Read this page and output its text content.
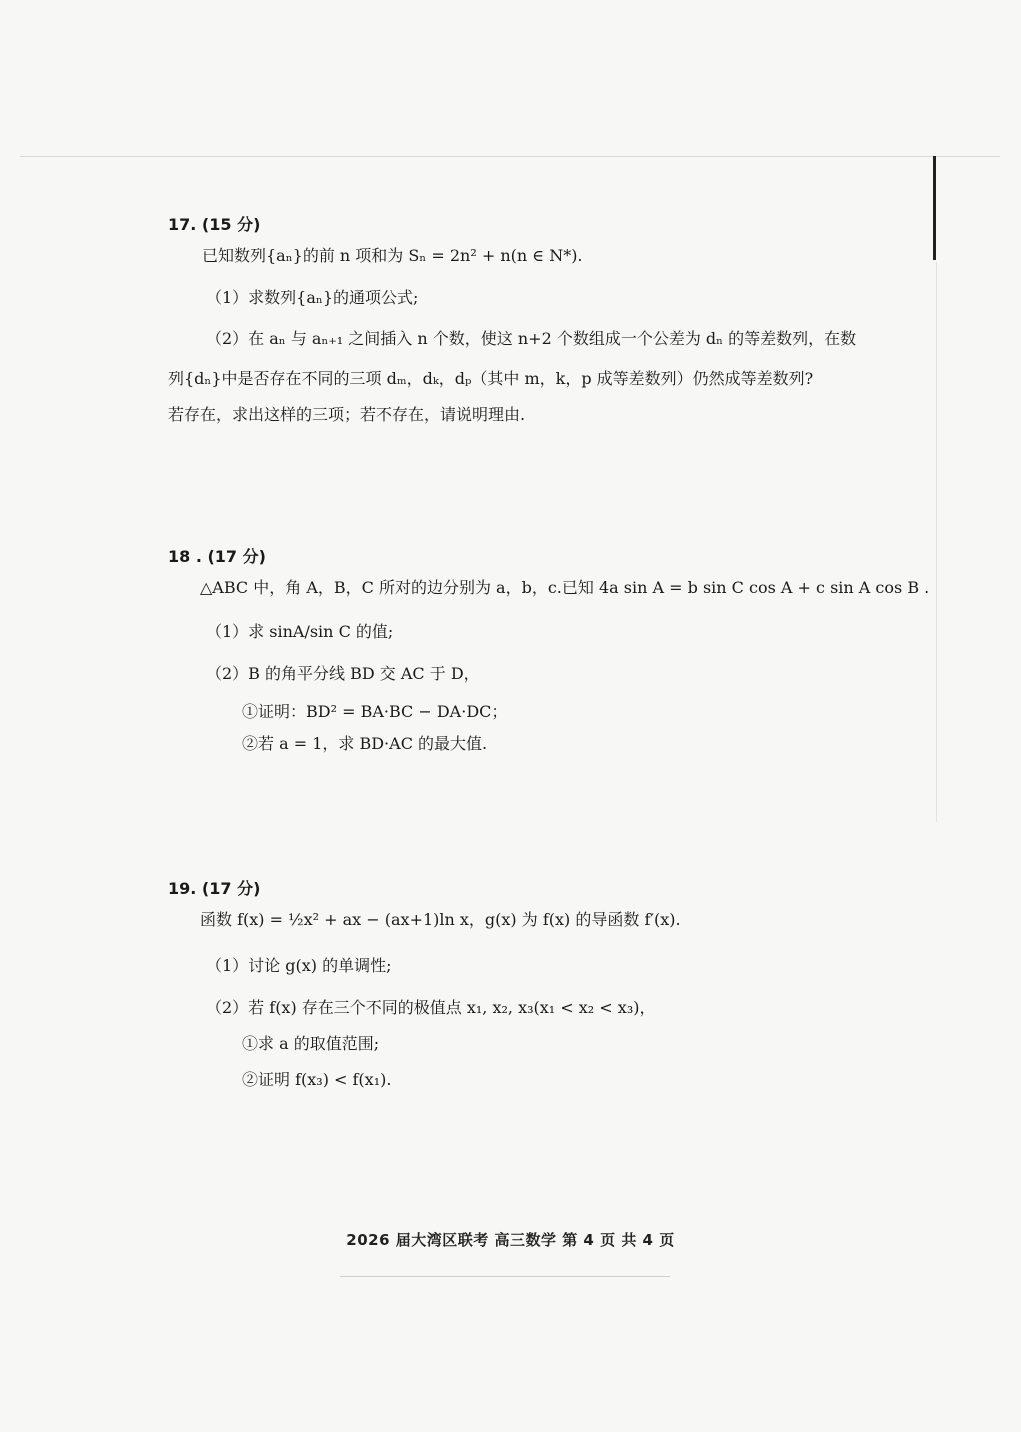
17. (15 分)

已知数列{aₙ}的前 n 项和为 Sₙ = 2n² + n(n ∈ N*).

（1）求数列{aₙ}的通项公式;

（2）在 aₙ 与 aₙ₊₁ 之间插入 n 个数，使这 n+2 个数组成一个公差为 dₙ 的等差数列，在数

列{dₙ}中是否存在不同的三项 dₘ，dₖ，dₚ（其中 m，k，p 成等差数列）仍然成等差数列?

若存在，求出这样的三项；若不存在，请说明理由.

18 . (17 分)

△ABC 中，角 A，B，C 所对的边分别为 a，b，c.已知 4a sin A = b sin C cos A + c sin A cos B .

（1）求 sinA/sin C 的值;

（2）B 的角平分线 BD 交 AC 于 D，

①证明：BD² = BA·BC − DA·DC；

②若 a = 1，求 BD·AC 的最大值.

19. (17 分)

函数 f(x) = ½x² + ax − (ax+1)ln x，g(x) 为 f(x) 的导函数 f′(x).

（1）讨论 g(x) 的单调性;

（2）若 f(x) 存在三个不同的极值点 x₁, x₂, x₃(x₁ < x₂ < x₃)，

①求 a 的取值范围;

②证明 f(x₃) < f(x₁).

2026 届大湾区联考 高三数学 第 4 页 共 4 页
